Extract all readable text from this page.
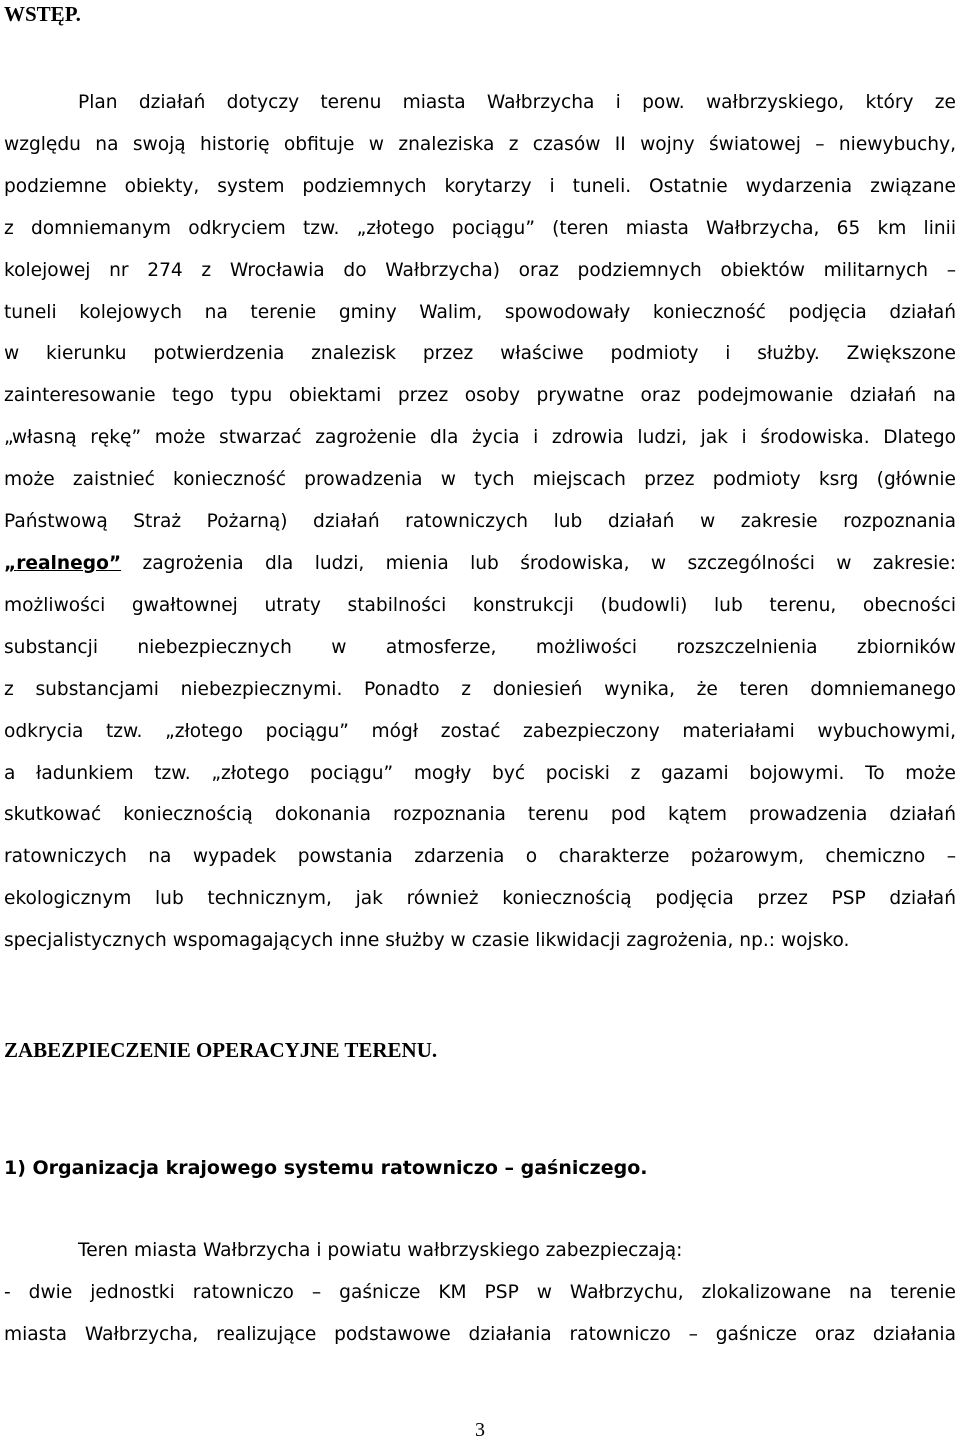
WSTĘP.
Plan działań dotyczy terenu miasta Wałbrzycha i pow. wałbrzyskiego, który ze
względu na swoją historię obfituje w znaleziska z czasów II wojny światowej – niewybuchy,
podziemne obiekty, system podziemnych korytarzy i tuneli. Ostatnie wydarzenia związane
z domniemanym odkryciem tzw. „złotego pociągu” (teren miasta Wałbrzycha, 65 km linii
kolejowej nr 274 z Wrocławia do Wałbrzycha) oraz podziemnych obiektów militarnych –
tuneli kolejowych na terenie gminy Walim, spowodowały konieczność podjęcia działań
w kierunku potwierdzenia znalezisk przez właściwe podmioty i służby. Zwiększone
zainteresowanie tego typu obiektami przez osoby prywatne oraz podejmowanie działań na
„własną rękę” może stwarzać zagrożenie dla życia i zdrowia ludzi, jak i środowiska. Dlatego
może zaistnieć konieczność prowadzenia w tych miejscach przez podmioty ksrg (głównie
Państwową Straż Pożarną) działań ratowniczych lub działań w zakresie rozpoznania
„realnego” zagrożenia dla ludzi, mienia lub środowiska, w szczególności w zakresie:
możliwości gwałtownej utraty stabilności konstrukcji (budowli) lub terenu, obecności
substancji niebezpiecznych w atmosferze, możliwości rozszczelnienia zbiorników
z substancjami niebezpiecznymi. Ponadto z doniesień wynika, że teren domniemanego
odkrycia tzw. „złotego pociągu” mógł zostać zabezpieczony materiałami wybuchowymi,
a ładunkiem tzw. „złotego pociągu” mogły być pociski z gazami bojowymi. To może
skutkować koniecznością dokonania rozpoznania terenu pod kątem prowadzenia działań
ratowniczych na wypadek powstania zdarzenia o charakterze pożarowym, chemiczno –
ekologicznym lub technicznym, jak również koniecznością podjęcia przez PSP działań
specjalistycznych wspomagających inne służby w czasie likwidacji zagrożenia, np.: wojsko.
ZABEZPIECZENIE OPERACYJNE TERENU.
1) Organizacja krajowego systemu ratowniczo – gaśniczego.
Teren miasta Wałbrzycha i powiatu wałbrzyskiego zabezpieczają:
- dwie jednostki ratowniczo – gaśnicze KM PSP w Wałbrzychu, zlokalizowane na terenie
miasta Wałbrzycha, realizujące podstawowe działania ratowniczo – gaśnicze oraz działania
3
